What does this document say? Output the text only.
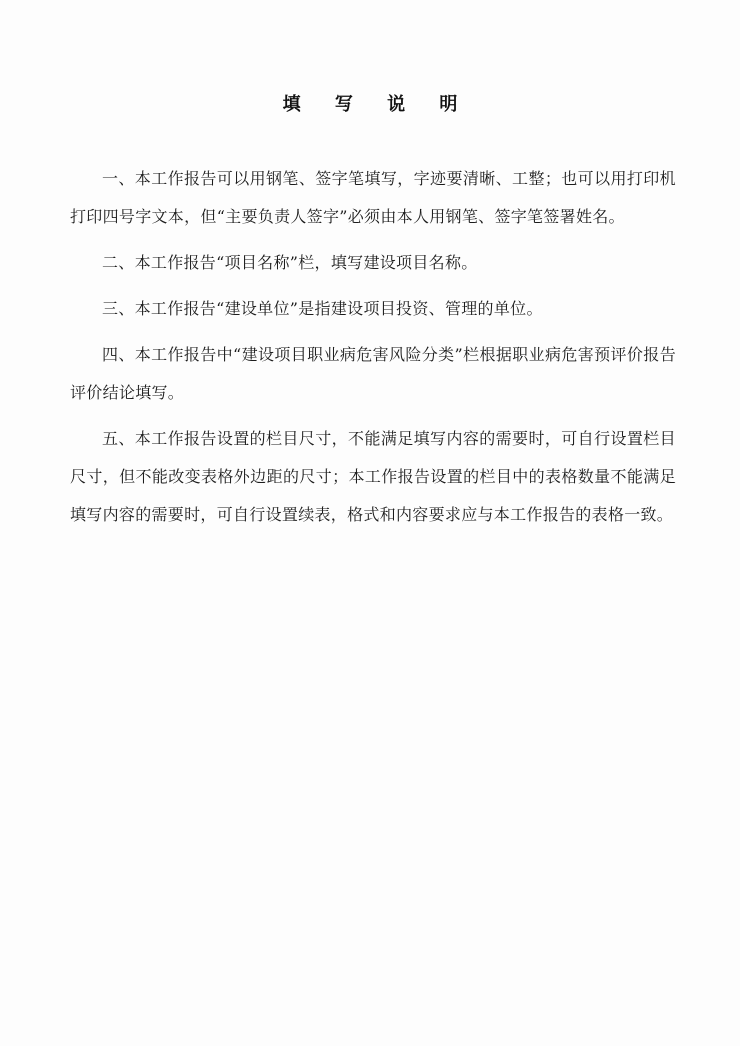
填 写 说 明

一、本工作报告可以用钢笔、签字笔填写，字迹要清晰、工整；也可以用打印机打印四号字文本，但“主要负责人签字”必须由本人用钢笔、签字笔签署姓名。

二、本工作报告“项目名称”栏，填写建设项目名称。

三、本工作报告“建设单位”是指建设项目投资、管理的单位。

四、本工作报告中“建设项目职业病危害风险分类”栏根据职业病危害预评价报告评价结论填写。

五、本工作报告设置的栏目尺寸，不能满足填写内容的需要时，可自行设置栏目尺寸，但不能改变表格外边距的尺寸；本工作报告设置的栏目中的表格数量不能满足填写内容的需要时，可自行设置续表，格式和内容要求应与本工作报告的表格一致。
